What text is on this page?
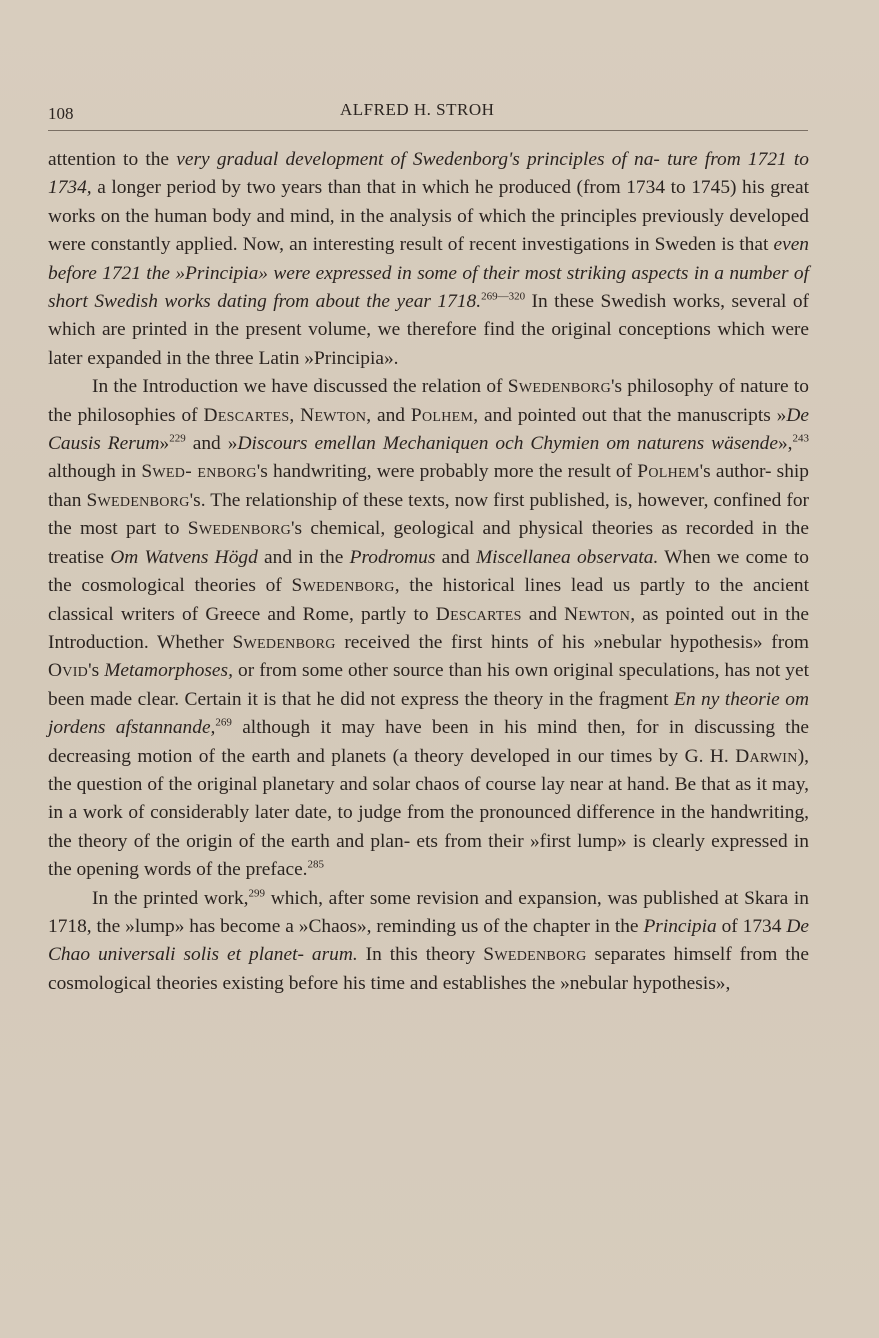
108	ALFRED H. STROH

attention to the very gradual development of Swedenborg's principles of na- ture from 1721 to 1734, a longer period by two years than that in which he produced (from 1734 to 1745) his great works on the human body and mind, in the analysis of which the principles previously developed were constantly applied. Now, an interesting result of recent investigations in Sweden is that even before 1721 the »Principia» were expressed in some of their most striking aspects in a number of short Swedish works dating from about the year 1718.$^{269—320}$ In these Swedish works, several of which are printed in the present volume, we therefore find the original conceptions which were later expanded in the three Latin »Principia».

In the Introduction we have discussed the relation of Swedenborg's philosophy of nature to the philosophies of Descartes, Newton, and Polhem, and pointed out that the manuscripts »De Causis Rerum»$^{229}$ and »Discours emellan Mechaniquen och Chymien om naturens wäsende»,$^{243}$ although in Swed- enborg's handwriting, were probably more the result of Polhem's author- ship than Swedenborg's. The relationship of these texts, now first published, is, however, confined for the most part to Swedenborg's chemical, geological and physical theories as recorded in the treatise Om Watvens Högd and in the Prodromus and Miscellanea observata. When we come to the cosmological theories of Swedenborg, the historical lines lead us partly to the ancient classical writers of Greece and Rome, partly to Descartes and Newton, as pointed out in the Introduction. Whether Swedenborg received the first hints of his »nebular hypothesis» from Ovid's Metamorphoses, or from some other source than his own original speculations, has not yet been made clear. Certain it is that he did not express the theory in the fragment En ny theorie om jordens afstannande,$^{269}$ although it may have been in his mind then, for in discussing the decreasing motion of the earth and planets (a theory developed in our times by G. H. Darwin), the question of the original planetary and solar chaos of course lay near at hand. Be that as it may, in a work of considerably later date, to judge from the pronounced difference in the handwriting, the theory of the origin of the earth and plan- ets from their »first lump» is clearly expressed in the opening words of the preface.$^{285}$

In the printed work,$^{299}$ which, after some revision and expansion, was published at Skara in 1718, the »lump» has become a »Chaos», reminding us of the chapter in the Principia of 1734 De Chao universali solis et planet- arum. In this theory Swedenborg separates himself from the cosmological theories existing before his time and establishes the »nebular hypothesis»,
